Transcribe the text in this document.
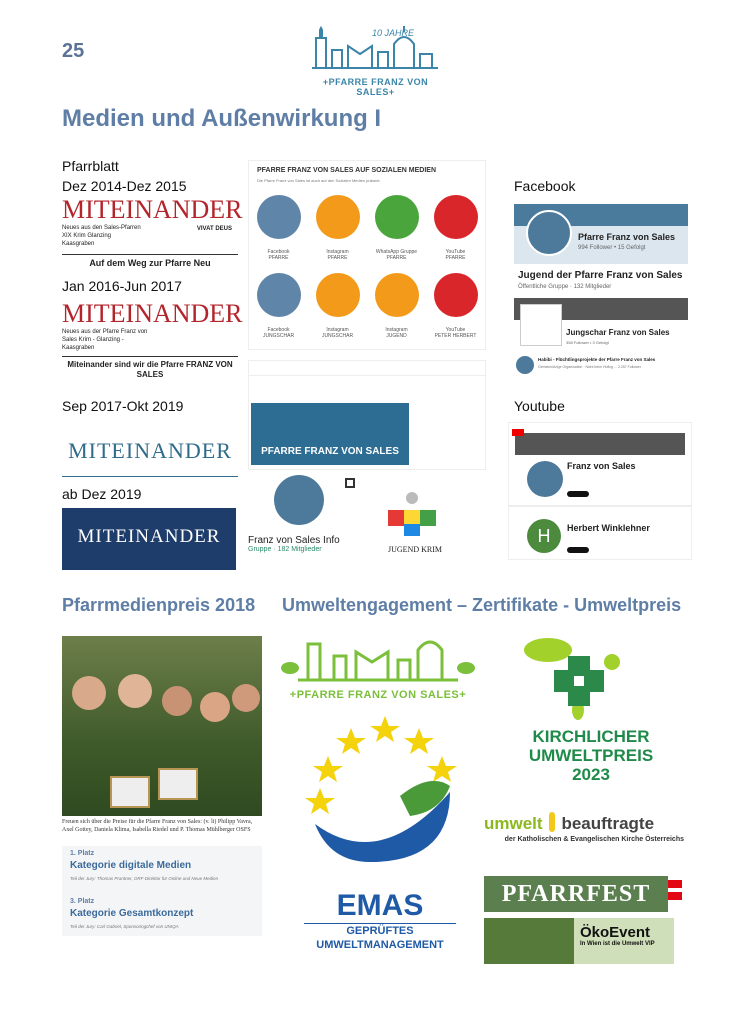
25
10 JAHRE
+PFARRE FRANZ VON SALES+
Medien und Außenwirkung I
Pfarrblatt
Dez 2014-Dez 2015
MITEINANDER
Neues aus den Sales-Pfarren XIX Krim Glanzing Kaasgraben
VIVAT DEUS
Auf dem Weg zur Pfarre Neu
Jan 2016-Jun 2017
MITEINANDER
Neues aus der Pfarre Franz von Sales Krim - Glanzing - Kaasgraben
Miteinander sind wir die Pfarre FRANZ VON SALES
Sep 2017-Okt 2019
MITEINANDER
ab Dez 2019
MITEINANDER
PFARRE FRANZ VON SALES AUF SOZIALEN MEDIEN
Die Pfarre Franz von Sales ist auch auf den Sozialen Medien präsent.
Facebook
PFARRE
Instagram
PFARRE
WhatsApp Gruppe
PFARRE
YouTube
PFARRE
Facebook
JUNGSCHAR
Instagram
JUNGSCHAR
Instagram
JUGEND
YouTube
PETER HERBERT
PFARRE FRANZ VON SALES
Franz von Sales Info
Gruppe · 182 Mitglieder	JUGEND KRIM
Facebook
Pfarre Franz von Sales
994 Follower • 15 Gefolgt
Jugend der Pfarre Franz von Sales
Öffentliche Gruppe · 132 Mitglieder
Jungschar Franz von Sales
358 Follower • 3 Gefolgt
Habibi - Flüchtlingsprojekte der Pfarre Franz von Sales
Gemeinnützige Organisation · Nicht beim Hofing ... 2.257 Follower
Youtube
Franz von Sales
H	Herbert Winklehner
Pfarrmedienpreis 2018 Umweltengagement – Zertifikate - Umweltpreis
Freuen sich über die Preise für die Pfarre Franz von Sales: (v. li) Philipp Vavra, Axel Gottey, Daniela Klima, Isabella Riedel und P. Thomas Mühlberger OSFS
1. Platz
Kategorie digitale Medien
Teil der Jury: Thomas Prantner, ORF-Direktor für Online und Neue Medien
3. Platz
Kategorie Gesamtkonzept
Teil der Jury: Carl Gabriel, Sponsoringchef von UNIQA
+PFARRE FRANZ VON SALES+
EMAS
GEPRÜFTES
UMWELTMANAGEMENT
KIRCHLICHER
UMWELTPREIS
2023
umwelt beauftragte
der Katholischen & Evangelischen Kirche Österreichs
PFARRFEST
ÖkoEvent
In Wien ist die Umwelt VIP
